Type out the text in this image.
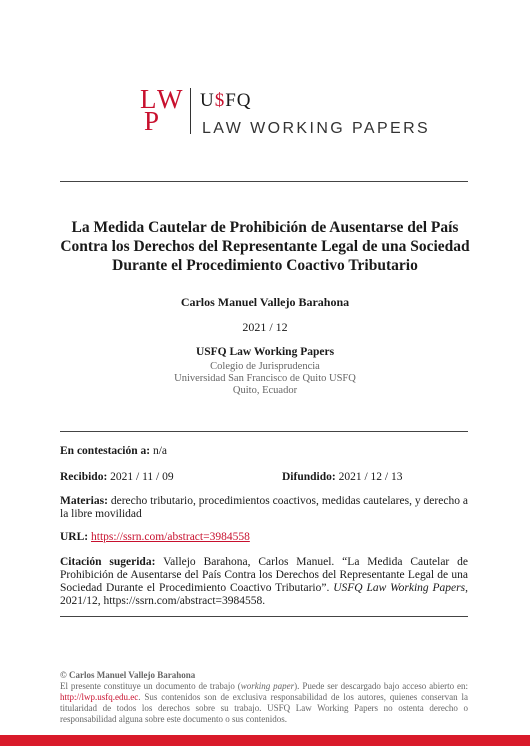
L W
P
U$FQ
LAW WORKING PAPERS
La Medida Cautelar de Prohibición de Ausentarse del País
Contra los Derechos del Representante Legal de una Sociedad
Durante el Procedimiento Coactivo Tributario
Carlos Manuel Vallejo Barahona
2021 / 12
USFQ Law Working Papers
Colegio de Jurisprudencia
Universidad San Francisco de Quito USFQ
Quito, Ecuador
En contestación a: n/a
Recibido: 2021 / 11 / 09	Difundido: 2021 / 12 / 13
Materias: derecho tributario, procedimientos coactivos, medidas cautelares, y derecho a la libre movilidad
URL: https://ssrn.com/abstract=3984558
Citación sugerida: Vallejo Barahona, Carlos Manuel. “La Medida Cautelar de Prohibición de Ausentarse del País Contra los Derechos del Representante Legal de una Sociedad Durante el Procedimiento Coactivo Tributario”. USFQ Law Working Papers, 2021/12, https://ssrn.com/abstract=3984558.
© Carlos Manuel Vallejo Barahona
El presente constituye un documento de trabajo (working paper). Puede ser descargado bajo acceso abierto en: http://lwp.usfq.edu.ec. Sus contenidos son de exclusiva responsabilidad de los autores, quienes conservan la titularidad de todos los derechos sobre su trabajo. USFQ Law Working Papers no ostenta derecho o responsabilidad alguna sobre este documento o sus contenidos.
